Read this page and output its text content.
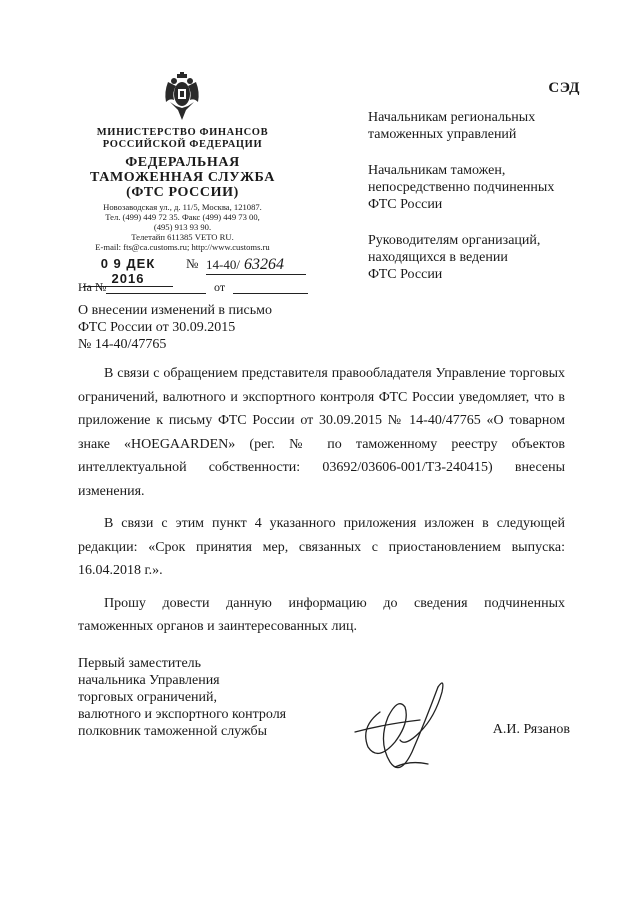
СЭД
МИНИСТЕРСТВО ФИНАНСОВ
РОССИЙСКОЙ ФЕДЕРАЦИИ
ФЕДЕРАЛЬНАЯ
ТАМОЖЕННАЯ СЛУЖБА
(ФТС РОССИИ)
Новозаводская ул., д. 11/5, Москва, 121087.
Тел. (499) 449 72 35. Факс (499) 449 73 00,
(495) 913 93 90.
Телетайп 611385 VETO RU.
E-mail: fts@ca.customs.ru; http://www.customs.ru
0 9 ДЕК 2016
№ 14-40/ 63264
На №	от
О внесении изменений в письмо
ФТС России от 30.09.2015
№ 14-40/47765
Начальникам региональных
таможенных управлений
Начальникам таможен,
непосредственно подчиненных
ФТС России
Руководителям организаций,
находящихся в ведении
ФТС России

В связи с обращением представителя правообладателя Управление торговых ограничений, валютного и экспортного контроля ФТС России уведомляет, что в приложение к письму ФТС России от 30.09.2015 № 14-40/47765 «О товарном знаке «HOEGAARDEN» (рег. № по таможенному реестру объектов интеллектуальной собственности: 03692/03606-001/ТЗ-240415) внесены изменения.

В связи с этим пункт 4 указанного приложения изложен в следующей редакции: «Срок принятия мер, связанных с приостановлением выпуска: 16.04.2018 г.».

Прошу довести данную информацию до сведения подчиненных таможенных органов и заинтересованных лиц.

Первый заместитель
начальника Управления
торговых ограничений,
валютного и экспортного контроля
полковник таможенной службы	А.И. Рязанов
